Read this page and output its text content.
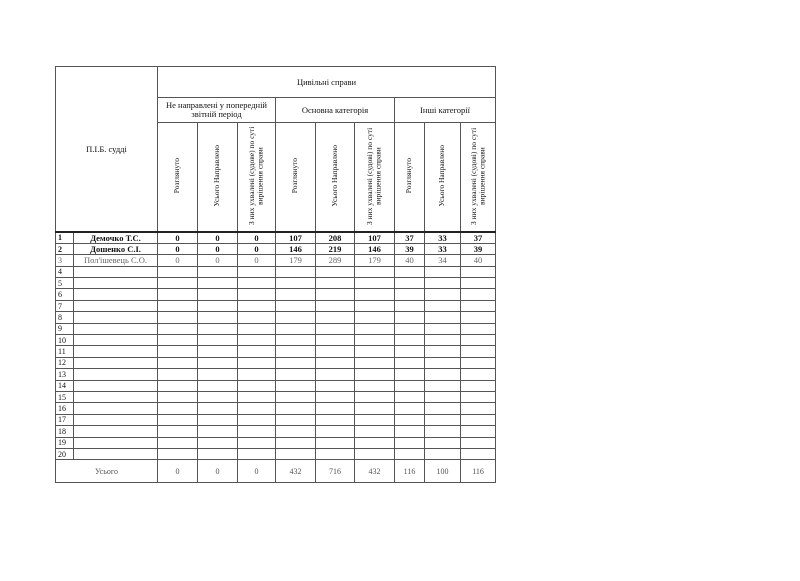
П.І.Б. судді		Цивільні справи								
		Не направлені у попередній звітній період			Основна категорія			Інші категорії		
		Розглянуто	Усього Направлено	З них ухвалені (судове) по суті вирішення справи	Розглянуто	Усього Направлено	З них ухвалені (судові) по суті вирішення справи	Розглянуто	Усього Направлено	З них ухвалені (судові) по суті вирішення справи
1	Демочко Т.С.	0	0	0	107	208	107	37	33	37
2	Дошенко С.І.	0	0	0	146	219	146	39	33	39
3	Пол'ішевець С.О.	0	0	0	179	289	179	40	34	40
4										
5										
6										
7										
8										
9										
10										
11										
12										
13										
14										
15										
16										
17										
18										
19										
20										
Усього		0	0	0	432	716	432	116	100	116
